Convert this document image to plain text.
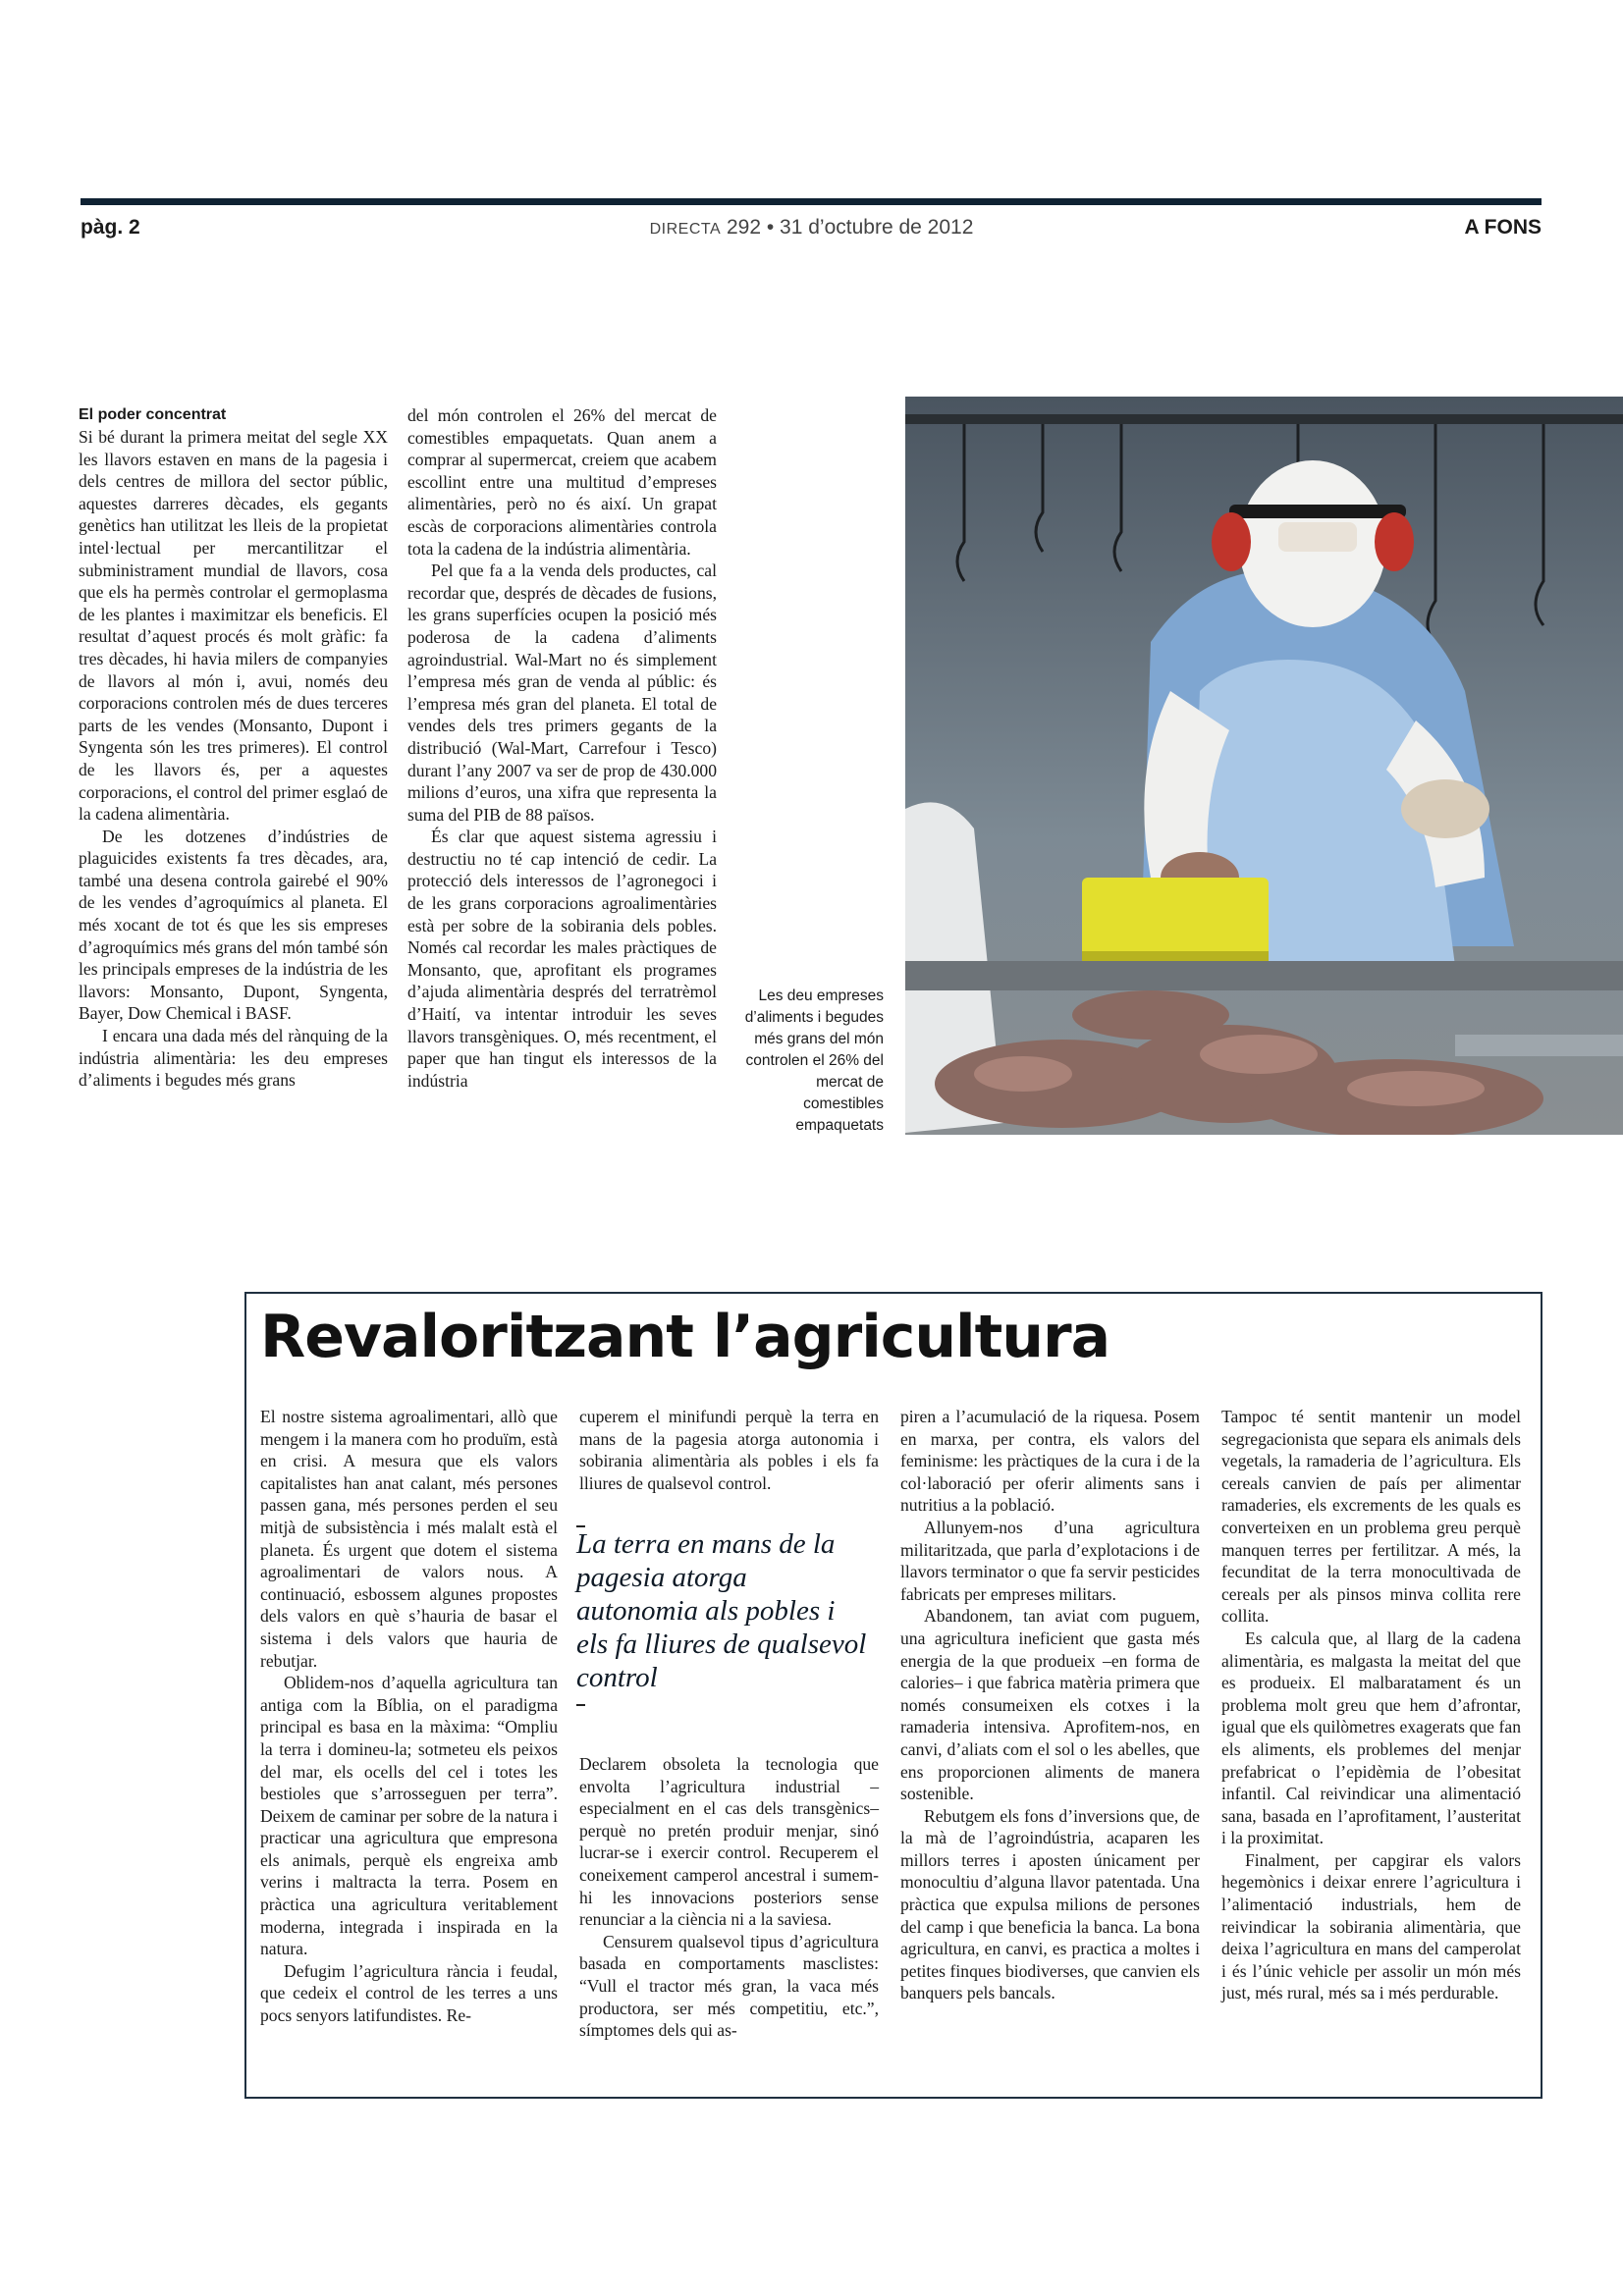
pàg. 2	DIRECTA 292 • 31 d’octubre de 2012	A FONS
El poder concentrat

Si bé durant la primera meitat del segle XX les llavors estaven en mans de la pagesia i dels centres de millora del sector públic, aquestes darreres dècades, els gegants genètics han utilitzat les lleis de la propietat intel·lectual per mercantilitzar el subministrament mundial de llavors, cosa que els ha permès controlar el germoplasma de les plantes i maximitzar els beneficis. El resultat d’aquest procés és molt gràfic: fa tres dècades, hi havia milers de companyies de llavors al món i, avui, només deu corporacions controlen més de dues terceres parts de les vendes (Monsanto, Dupont i Syngenta són les tres primeres). El control de les llavors és, per a aquestes corporacions, el control del primer esglaó de la cadena alimentària.

De les dotzenes d’indústries de plaguicides existents fa tres dècades, ara, també una desena controla gairebé el 90% de les vendes d’agroquímics al planeta. El més xocant de tot és que les sis empreses d’agroquímics més grans del món també són les principals empreses de la indústria de les llavors: Monsanto, Dupont, Syngenta, Bayer, Dow Chemical i BASF.

I encara una dada més del rànquing de la indústria alimentària: les deu empreses d’aliments i begudes més grans

del món controlen el 26% del mercat de comestibles empaquetats. Quan anem a comprar al supermercat, creiem que acabem escollint entre una multitud d’empreses alimentàries, però no és així. Un grapat escàs de corporacions alimentàries controla tota la cadena de la indústria alimentària.

Pel que fa a la venda dels productes, cal recordar que, després de dècades de fusions, les grans superfícies ocupen la posició més poderosa de la cadena d’aliments agroindustrial. Wal-Mart no és simplement l’empresa més gran de venda al públic: és l’empresa més gran del planeta. El total de vendes dels tres primers gegants de la distribució (Wal-Mart, Carrefour i Tesco) durant l’any 2007 va ser de prop de 430.000 milions d’euros, una xifra que representa la suma del PIB de 88 països.

És clar que aquest sistema agressiu i destructiu no té cap intenció de cedir. La protecció dels interessos de l’agronegoci i de les grans corporacions agroalimentàries està per sobre de la sobirania dels pobles. Només cal recordar les males pràctiques de Monsanto, que, aprofitant els programes d’ajuda alimentària després del terratrèmol d’Haití, va intentar introduir les seves llavors transgèniques. O, més recentment, el paper que han tingut els interessos de la indústria

Les deu empreses d’aliments i begudes més grans del món controlen el 26% del mercat de comestibles empaquetats
Revaloritzant l’agricultura

El nostre sistema agroalimentari, allò que mengem i la manera com ho produïm, està en crisi. A mesura que els valors capitalistes han anat calant, més persones passen gana, més persones perden el seu mitjà de subsistència i més malalt està el planeta. És urgent que dotem el sistema agroalimentari de valors nous. A continuació, esbossem algunes propostes dels valors en què s’hauria de basar el sistema i dels valors que hauria de rebutjar.

Oblidem-nos d’aquella agricultura tan antiga com la Bíblia, on el paradigma principal es basa en la màxima: “Ompliu la terra i domineu-la; sotmeteu els peixos del mar, els ocells del cel i totes les bestioles que s’arrosseguen per terra”. Deixem de caminar per sobre de la natura i practicar una agricultura que empresona els animals, perquè els engreixa amb verins i maltracta la terra. Posem en pràctica una agricultura veritablement moderna, integrada i inspirada en la natura.

Defugim l’agricultura rància i feudal, que cedeix el control de les terres a uns pocs senyors latifundistes. Re-

cuperem el minifundi perquè la terra en mans de la pagesia atorga autonomia i sobirania alimentària als pobles i els fa lliures de qualsevol control.

La terra en mans de la pagesia atorga autonomia als pobles i els fa lliures de qualsevol control

Declarem obsoleta la tecnologia que envolta l’agricultura industrial –especialment en el cas dels transgènics– perquè no pretén produir menjar, sinó lucrar-se i exercir control. Recuperem el coneixement camperol ancestral i sumem-hi les innovacions posteriors sense renunciar a la ciència ni a la saviesa.

Censurem qualsevol tipus d’agricultura basada en comportaments masclistes: “Vull el tractor més gran, la vaca més productora, ser més competitiu, etc.”, símptomes dels qui as-

piren a l’acumulació de la riquesa. Posem en marxa, per contra, els valors del feminisme: les pràctiques de la cura i de la col·laboració per oferir aliments sans i nutritius a la població.

Allunyem-nos d’una agricultura militaritzada, que parla d’explotacions i de llavors terminator o que fa servir pesticides fabricats per empreses militars.

Abandonem, tan aviat com puguem, una agricultura ineficient que gasta més energia de la que produeix –en forma de calories– i que fabrica matèria primera que només consumeixen els cotxes i la ramaderia intensiva. Aprofitem-nos, en canvi, d’aliats com el sol o les abelles, que ens proporcionen aliments de manera sostenible.

Rebutgem els fons d’inversions que, de la mà de l’agroindústria, acaparen les millors terres i aposten únicament per monocultiu d’alguna llavor patentada. Una pràctica que expulsa milions de persones del camp i que beneficia la banca. La bona agricultura, en canvi, es practica a moltes i petites finques biodiverses, que canvien els banquers pels bancals.

Tampoc té sentit mantenir un model segregacionista que separa els animals dels vegetals, la ramaderia de l’agricultura. Els cereals canvien de país per alimentar ramaderies, els excrements de les quals es converteixen en un problema greu perquè manquen terres per fertilitzar. A més, la fecunditat de la terra monocultivada de cereals per als pinsos minva collita rere collita.

Es calcula que, al llarg de la cadena alimentària, es malgasta la meitat del que es produeix. El malbaratament és un problema molt greu que hem d’afrontar, igual que els quilòmetres exagerats que fan els aliments, els problemes del menjar prefabricat o l’epidèmia de l’obesitat infantil. Cal reivindicar una alimentació sana, basada en l’aprofitament, l’austeritat i la proximitat.

Finalment, per capgirar els valors hegemònics i deixar enrere l’agricultura i l’alimentació industrials, hem de reivindicar la sobirania alimentària, que deixa l’agricultura en mans del camperolat i és l’únic vehicle per assolir un món més just, més rural, més sa i més perdurable.
